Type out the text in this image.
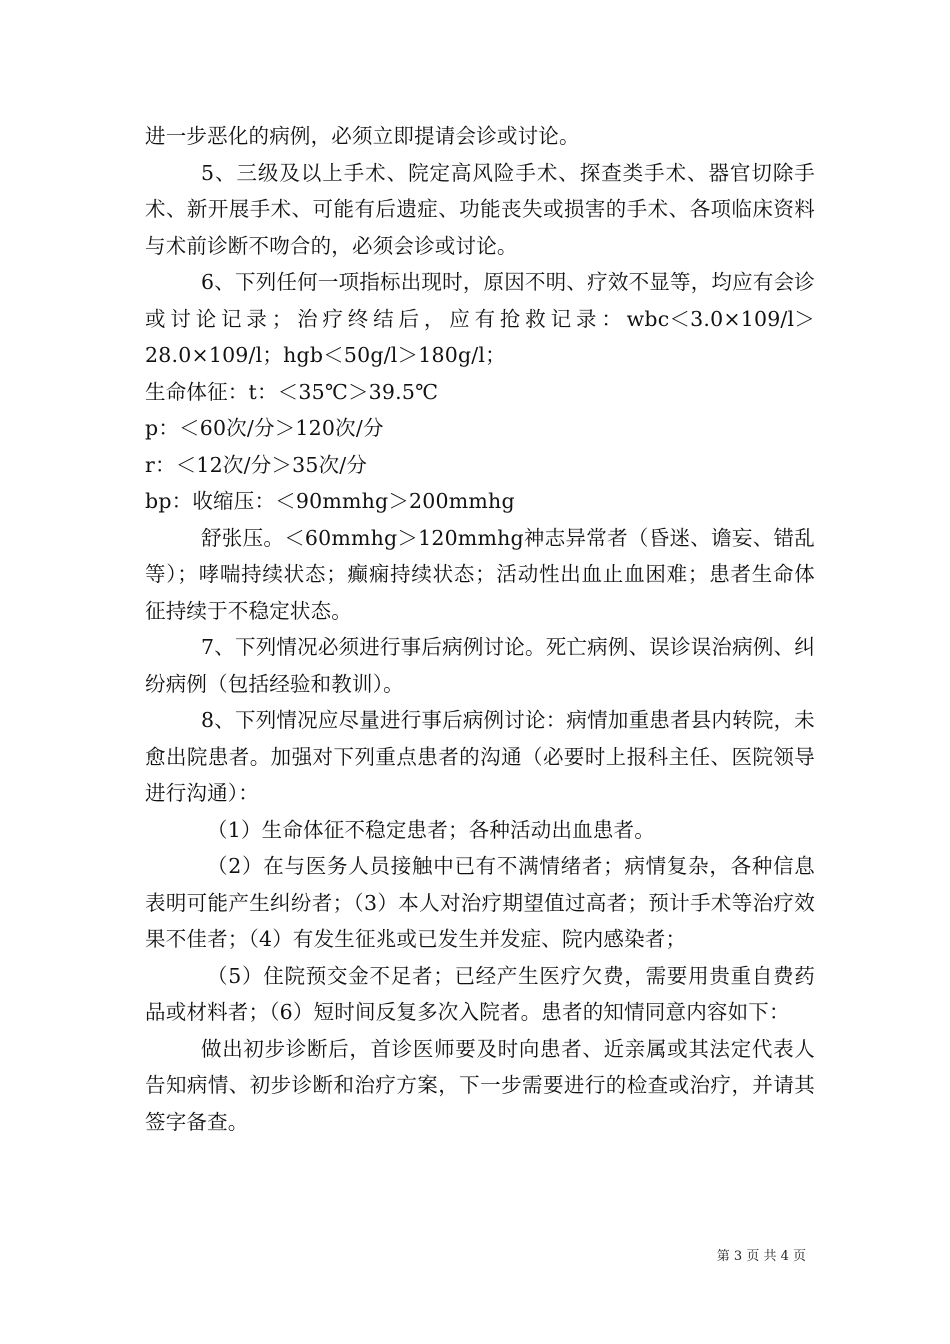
进一步恶化的病例，必须立即提请会诊或讨论。

5、三级及以上手术、院定高风险手术、探查类手术、器官切除手术、新开展手术、可能有后遗症、功能丧失或损害的手术、各项临床资料与术前诊断不吻合的，必须会诊或讨论。

6、下列任何一项指标出现时，原因不明、疗效不显等，均应有会诊或讨论记录；治疗终结后，应有抢救记录：wbc＜3.0×109/l＞28.0×109/l；hgb＜50g/l＞180g/l；

生命体征：t：＜35℃＞39.5℃

p：＜60次/分＞120次/分

r：＜12次/分＞35次/分

bp：收缩压：＜90mmhg＞200mmhg

舒张压。＜60mmhg＞120mmhg神志异常者（昏迷、谵妄、错乱等）；哮喘持续状态；癫痫持续状态；活动性出血止血困难；患者生命体征持续于不稳定状态。

7、下列情况必须进行事后病例讨论。死亡病例、误诊误治病例、纠纷病例（包括经验和教训）。

8、下列情况应尽量进行事后病例讨论：病情加重患者县内转院，未愈出院患者。加强对下列重点患者的沟通（必要时上报科主任、医院领导进行沟通）：

（1）生命体征不稳定患者；各种活动出血患者。

（2）在与医务人员接触中已有不满情绪者；病情复杂，各种信息表明可能产生纠纷者；（3）本人对治疗期望值过高者；预计手术等治疗效果不佳者；（4）有发生征兆或已发生并发症、院内感染者；

（5）住院预交金不足者；已经产生医疗欠费，需要用贵重自费药品或材料者；（6）短时间反复多次入院者。患者的知情同意内容如下：

做出初步诊断后，首诊医师要及时向患者、近亲属或其法定代表人告知病情、初步诊断和治疗方案，下一步需要进行的检查或治疗，并请其签字备查。

第 3 页 共 4 页
